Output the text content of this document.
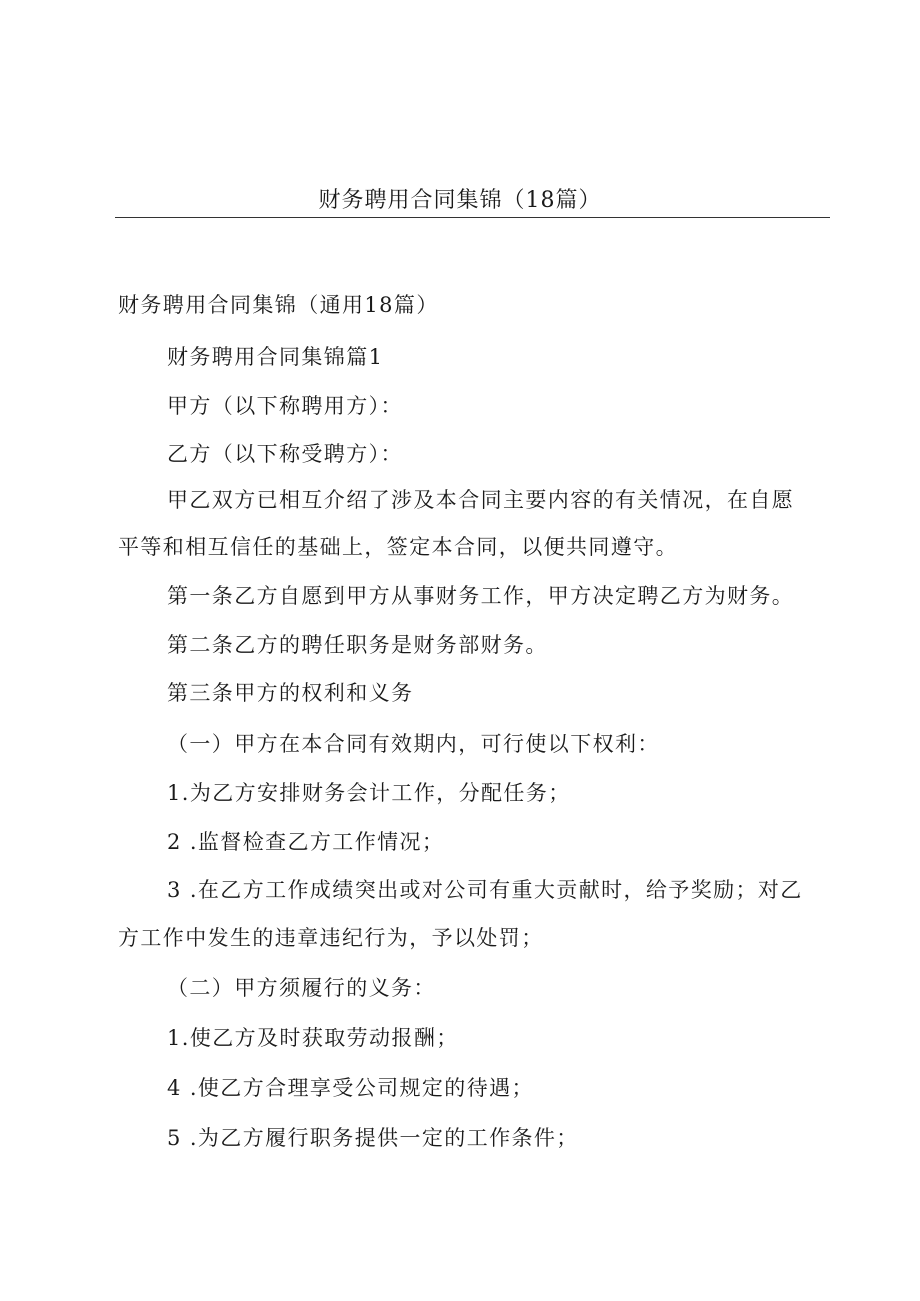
财务聘用合同集锦（18篇）
财务聘用合同集锦（通用18篇）
财务聘用合同集锦篇1
甲方（以下称聘用方）：
乙方（以下称受聘方）：
甲乙双方已相互介绍了涉及本合同主要内容的有关情况，在自愿
平等和相互信任的基础上，签定本合同，以便共同遵守。
第一条乙方自愿到甲方从事财务工作，甲方决定聘乙方为财务。
第二条乙方的聘任职务是财务部财务。
第三条甲方的权利和义务
（一）甲方在本合同有效期内，可行使以下权利：
1.为乙方安排财务会计工作，分配任务；
2 .监督检查乙方工作情况；
3 .在乙方工作成绩突出或对公司有重大贡献时，给予奖励；对乙
方工作中发生的违章违纪行为，予以处罚；
（二）甲方须履行的义务：
1.使乙方及时获取劳动报酬；
4 .使乙方合理享受公司规定的待遇；
5 .为乙方履行职务提供一定的工作条件；
